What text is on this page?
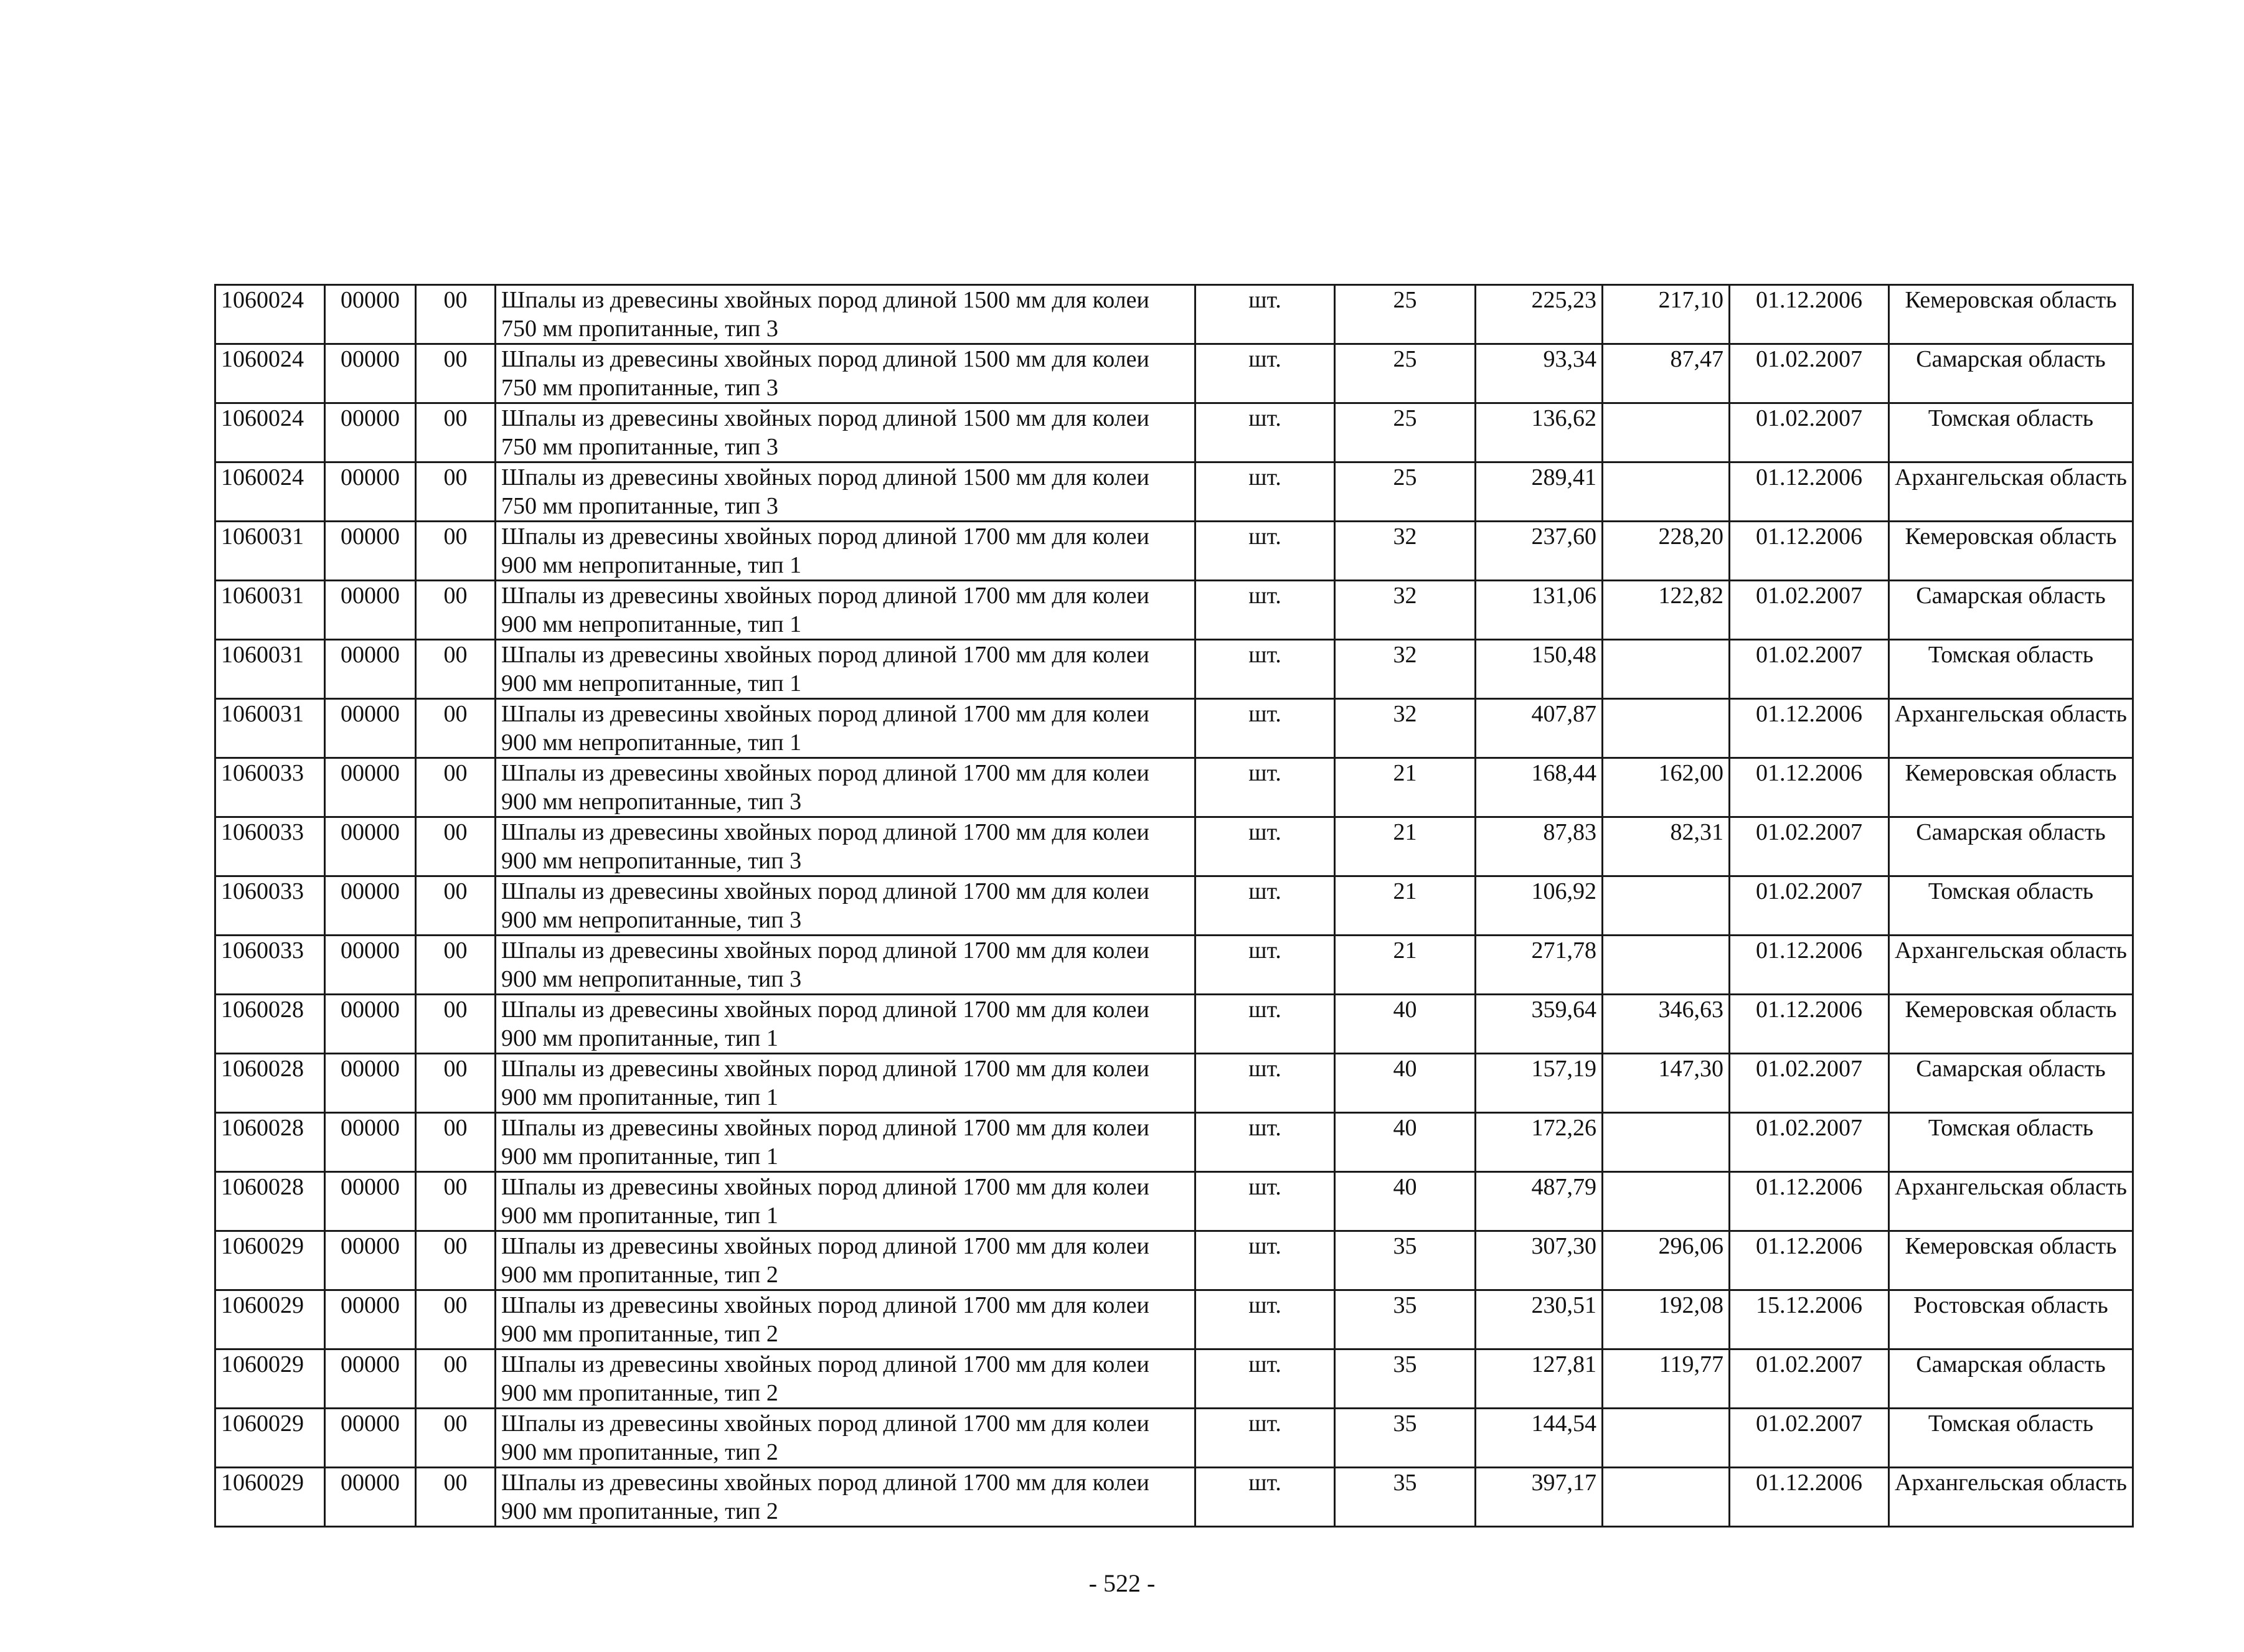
1060024	00000	00	Шпалы из древесины хвойных пород длиной 1500 мм для колеи 750 мм пропитанные, тип 3	шт.	25	225,23	217,10	01.12.2006	Кемеровская область
1060024	00000	00	Шпалы из древесины хвойных пород длиной 1500 мм для колеи 750 мм пропитанные, тип 3	шт.	25	93,34	87,47	01.02.2007	Самарская область
1060024	00000	00	Шпалы из древесины хвойных пород длиной 1500 мм для колеи 750 мм пропитанные, тип 3	шт.	25	136,62		01.02.2007	Томская область
1060024	00000	00	Шпалы из древесины хвойных пород длиной 1500 мм для колеи 750 мм пропитанные, тип 3	шт.	25	289,41		01.12.2006	Архангельская область
1060031	00000	00	Шпалы из древесины хвойных пород длиной 1700 мм для колеи 900 мм непропитанные, тип 1	шт.	32	237,60	228,20	01.12.2006	Кемеровская область
1060031	00000	00	Шпалы из древесины хвойных пород длиной 1700 мм для колеи 900 мм непропитанные, тип 1	шт.	32	131,06	122,82	01.02.2007	Самарская область
1060031	00000	00	Шпалы из древесины хвойных пород длиной 1700 мм для колеи 900 мм непропитанные, тип 1	шт.	32	150,48		01.02.2007	Томская область
1060031	00000	00	Шпалы из древесины хвойных пород длиной 1700 мм для колеи 900 мм непропитанные, тип 1	шт.	32	407,87		01.12.2006	Архангельская область
1060033	00000	00	Шпалы из древесины хвойных пород длиной 1700 мм для колеи 900 мм непропитанные, тип 3	шт.	21	168,44	162,00	01.12.2006	Кемеровская область
1060033	00000	00	Шпалы из древесины хвойных пород длиной 1700 мм для колеи 900 мм непропитанные, тип 3	шт.	21	87,83	82,31	01.02.2007	Самарская область
1060033	00000	00	Шпалы из древесины хвойных пород длиной 1700 мм для колеи 900 мм непропитанные, тип 3	шт.	21	106,92		01.02.2007	Томская область
1060033	00000	00	Шпалы из древесины хвойных пород длиной 1700 мм для колеи 900 мм непропитанные, тип 3	шт.	21	271,78		01.12.2006	Архангельская область
1060028	00000	00	Шпалы из древесины хвойных пород длиной 1700 мм для колеи 900 мм пропитанные, тип 1	шт.	40	359,64	346,63	01.12.2006	Кемеровская область
1060028	00000	00	Шпалы из древесины хвойных пород длиной 1700 мм для колеи 900 мм пропитанные, тип 1	шт.	40	157,19	147,30	01.02.2007	Самарская область
1060028	00000	00	Шпалы из древесины хвойных пород длиной 1700 мм для колеи 900 мм пропитанные, тип 1	шт.	40	172,26		01.02.2007	Томская область
1060028	00000	00	Шпалы из древесины хвойных пород длиной 1700 мм для колеи 900 мм пропитанные, тип 1	шт.	40	487,79		01.12.2006	Архангельская область
1060029	00000	00	Шпалы из древесины хвойных пород длиной 1700 мм для колеи 900 мм пропитанные, тип 2	шт.	35	307,30	296,06	01.12.2006	Кемеровская область
1060029	00000	00	Шпалы из древесины хвойных пород длиной 1700 мм для колеи 900 мм пропитанные, тип 2	шт.	35	230,51	192,08	15.12.2006	Ростовская область
1060029	00000	00	Шпалы из древесины хвойных пород длиной 1700 мм для колеи 900 мм пропитанные, тип 2	шт.	35	127,81	119,77	01.02.2007	Самарская область
1060029	00000	00	Шпалы из древесины хвойных пород длиной 1700 мм для колеи 900 мм пропитанные, тип 2	шт.	35	144,54		01.02.2007	Томская область
1060029	00000	00	Шпалы из древесины хвойных пород длиной 1700 мм для колеи 900 мм пропитанные, тип 2	шт.	35	397,17		01.12.2006	Архангельская область
- 522 -
